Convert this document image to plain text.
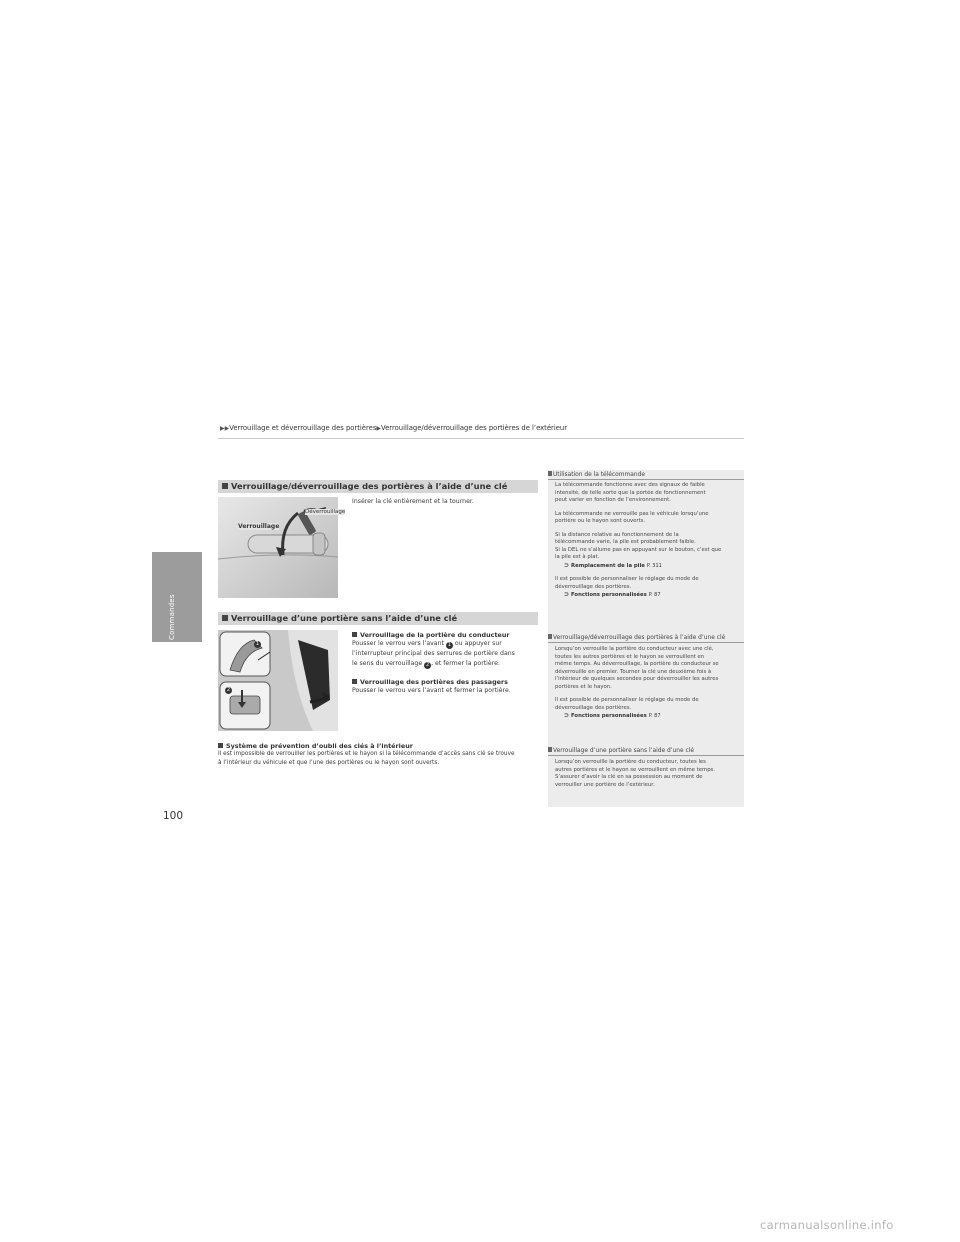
Commandes
▶▶Verrouillage et déverrouillage des portières▶Verrouillage/déverrouillage des portières de l’extérieur
Verrouillage/déverrouillage des portières à l’aide d’une clé
Verrouillage
Déverrouillage
Insérer la clé entièrement et la tourner.
Verrouillage d’une portière sans l’aide d’une clé
1
2
Verrouillage de la portière du conducteur
Pousser le verrou vers l’avant 1 ou appuyer sur
l’interrupteur principal des serrures de portière dans
le sens du verrouillage 2 , et fermer la portière.
Verrouillage des portières des passagers
Pousser le verrou vers l’avant et fermer la portière.
Système de prévention d’oubli des clés à l’intérieur
Il est impossible de verrouiller les portières et le hayon si la télécommande d’accès sans clé se trouve
à l’intérieur du véhicule et que l’une des portières ou le hayon sont ouverts.
Utilisation de la télécommande
La télécommande fonctionne avec des signaux de faible
intensité, de telle sorte que la portée de fonctionnement
peut varier en fonction de l’environnement.
La télécommande ne verrouille pas le véhicule lorsqu’une
portière ou le hayon sont ouverts.
Si la distance relative au fonctionnement de la
télécommande varie, la pile est probablement faible.
Si la DEL ne s’allume pas en appuyant sur le bouton, c’est que
la pile est à plat.
⊃ Remplacement de la pile P. 311
Il est possible de personnaliser le réglage du mode de
déverrouillage des portières.
⊃ Fonctions personnalisées P. 87
Verrouillage/déverrouillage des portières à l’aide d’une clé
Lorsqu’on verrouille la portière du conducteur avec une clé,
toutes les autres portières et le hayon se verrouillent en
même temps. Au déverrouillage, la portière du conducteur se
déverrouille en premier. Tourner la clé une deuxième fois à
l’intérieur de quelques secondes pour déverrouiller les autres
portières et le hayon.
Il est possible de personnaliser le réglage du mode de
déverrouillage des portières.
⊃ Fonctions personnalisées P. 87
Verrouillage d’une portière sans l’aide d’une clé
Lorsqu’on verrouille la portière du conducteur, toutes les
autres portières et le hayon se verrouillent en même temps.
S’assurer d’avoir la clé en sa possession au moment de
verrouiller une portière de l’extérieur.
100
carmanualsonline.info
